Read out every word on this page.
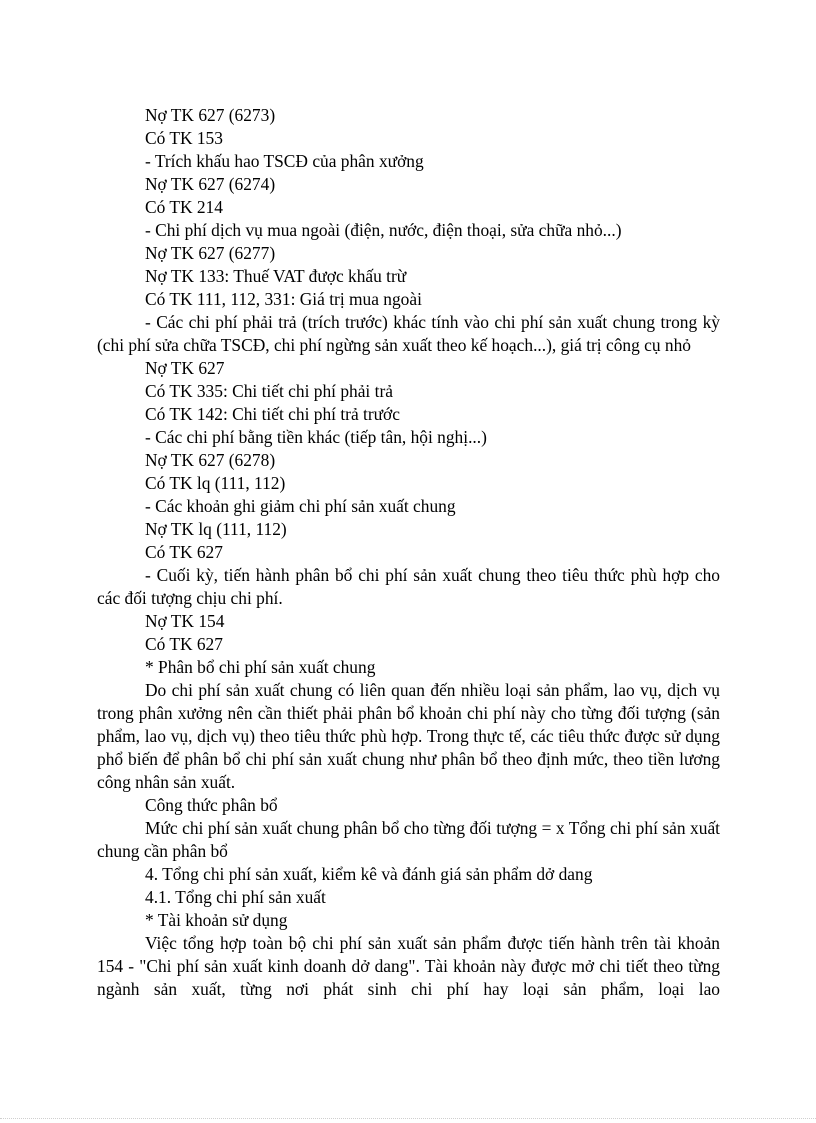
Nợ TK 627 (6273)

Có TK 153

- Trích khấu hao TSCĐ của phân xưởng

Nợ TK 627 (6274)

Có TK 214

- Chi phí dịch vụ mua ngoài (điện, nước, điện thoại, sửa chữa nhỏ...)

Nợ TK 627 (6277)

Nợ TK 133: Thuế VAT được khấu trừ

Có TK 111, 112, 331: Giá trị mua ngoài

- Các chi phí phải trả (trích trước) khác tính vào chi phí sản xuất chung trong kỳ (chi phí sửa chữa TSCĐ, chi phí ngừng sản xuất theo kế hoạch...), giá trị công cụ nhỏ

Nợ TK 627

Có TK 335: Chi tiết chi phí phải trả

Có TK 142: Chi tiết chi phí trả trước

- Các chi phí bằng tiền khác (tiếp tân, hội nghị...)

Nợ TK 627 (6278)

Có TK lq (111, 112)

- Các khoản ghi giảm chi phí sản xuất chung

Nợ TK lq (111, 112)

Có TK 627

- Cuối kỳ, tiến hành phân bổ chi phí sản xuất chung theo tiêu thức phù hợp cho các đối tượng chịu chi phí.

Nợ TK 154

Có TK 627

* Phân bổ chi phí sản xuất chung

Do chi phí sản xuất chung có liên quan đến nhiều loại sản phẩm, lao vụ, dịch vụ trong phân xưởng nên cần thiết phải phân bổ khoản chi phí này cho từng đối tượng (sản phẩm, lao vụ, dịch vụ) theo tiêu thức phù hợp. Trong thực tế, các tiêu thức được sử dụng phổ biến để phân bổ chi phí sản xuất chung như phân bổ theo định mức, theo tiền lương công nhân sản xuất.

Công thức phân bổ

Mức chi phí sản xuất chung phân bổ cho từng đối tượng = x Tổng chi phí sản xuất chung cần phân bổ

4. Tổng chi phí sản xuất, kiểm kê và đánh giá sản phẩm dở dang

4.1. Tổng chi phí sản xuất

* Tài khoản sử dụng

Việc tổng hợp toàn bộ chi phí sản xuất sản phẩm được tiến hành trên tài khoản 154 - "Chi phí sản xuất kinh doanh dở dang". Tài khoản này được mở chi tiết theo từng ngành sản xuất, từng nơi phát sinh chi phí hay loại sản phẩm, loại lao
